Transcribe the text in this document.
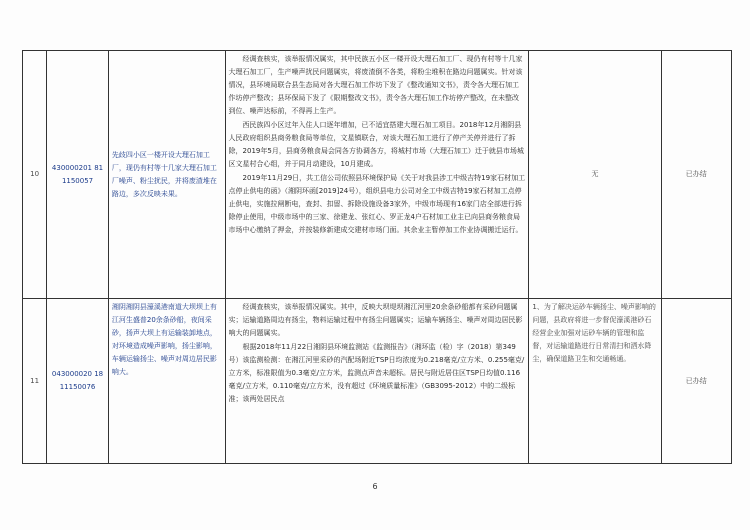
10	430000201 81 1150057	先歧四小区一楼开设大理石加工厂，现仍有村等十几家大理石加工厂噪声、粉尘扰民，并将废渣堆在路边，多次反映未果。	经调查核实，该举报情况属实，其中民族五小区一楼开设大理石加工厂、现仍有村等十几家大理石加工厂，生产噪声扰民问题属实，将废渣倒不各类，将粉尘堆积在路边问题属实。针对该情况，县环境局联合县生态局对各大理石加工作坊下发了《整改通知文书》，责令各大理石加工作坊停产整改；县环保局下发了《限期整改文书》，责令各大理石加工作坊停产整改，在未整改到位、噪声达标前，不得再上生产。

西民族四小区过年入住人口逐年增加，已不适宜搭建大理石加工项目。2018年12月湘阴县人民政府组织县商务粮食局等单位，文星镇联合，对该大理石加工进行了停产关停并进行了拆除，2019年5月，县商务粮食局会同各方协调各方，将城村市场（大理石加工）迁于就县市场城区文星村合心组，并于同月动建设，10月建成。

2019年11月29日，共工信公司依照县环境保护局《关于对我县涉工中级吉特19家石材加工点停止供电的函》（湘阴环函[2019]24号），组织县电力公司对全工中级吉特19家石材加工点停止供电，实施拉闸断电，查封、扣留、拆除设施设备3家外，中级市场现有16家门店全部进行拆除停止使用，中级市场中的三家、徐建龙、张红心、罗正龙4户石材加工业主已向县商务粮食局市场中心缴纳了押金，并按装修新建成交建材市场门面。其余业主暂停加工作业协调搬迁运行。	无	已办结
11	043000020 1811150076	湘阴湘阴县濠溪港南道大坝坝上有江河生盛普20余条砂船，夜间采砂，扬声大坝上有运输装卸地点，对环境造成噪声影响，扬尘影响，车辆运输扬尘、噪声对周边居民影响大。	经调查核实，该举报情况属实。其中，反映大坝堤坝湘江河里20余条砂船都有采砂问题属实；运输道路周边有扬尘，物料运输过程中有扬尘问题属实；运输车辆扬尘、噪声对周边居民影响大的问题属实。

根据2018年11月22日湘阴县环境监测站《监测报告》（湘环监（检）字（2018）第349号）该监测检测：在湘江河里采砂的汽配场附近TSP日均浓度为0.218毫克/立方米、0.255毫克/立方米，标准限值为0.3毫克/立方米，监测点声音未超标。居民与附近居住区TSP日均值0.116毫克/立方米，0.110毫克/立方米，没有超过《环境质量标准》（GB3095-2012）中的二级标准；该两处居民点	1、为了解决运砂车辆扬尘、噪声影响的问题，县政府将进一步督促濠溪港砂石经营企业加强对运砂车辆的管理和监督，对运输道路进行日常清扫和洒水降尘，确保道路卫生和交通畅通。	已办结
6
